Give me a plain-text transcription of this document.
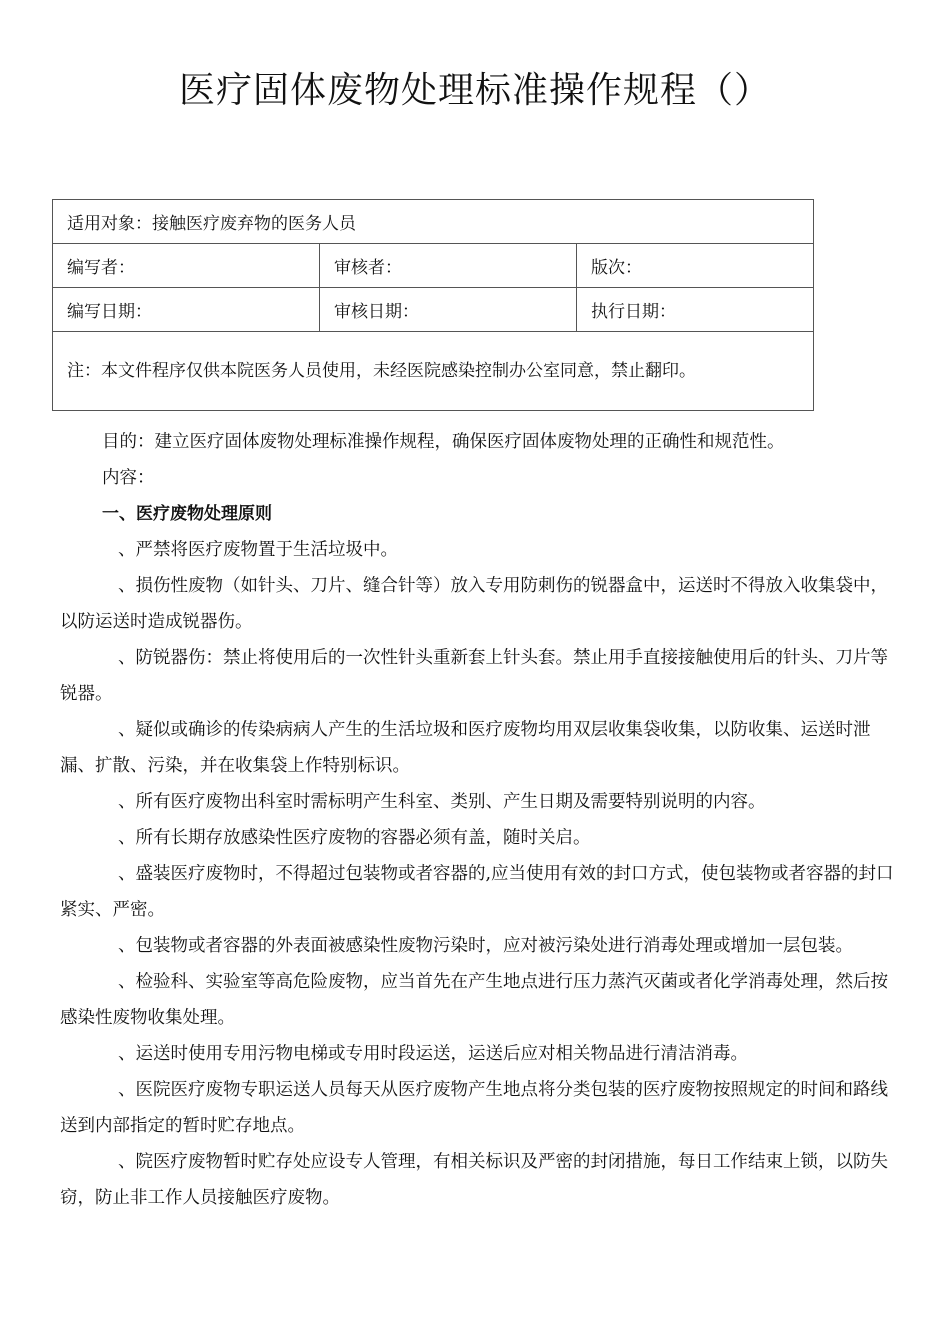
医疗固体废物处理标准操作规程（）
适用对象：接触医疗废弃物的医务人员		
编写者：	审核者：	版次：
编写日期：	审核日期：	执行日期：
注：本文件程序仅供本院医务人员使用，未经医院感染控制办公室同意，禁止翻印。		

目的：建立医疗固体废物处理标准操作规程，确保医疗固体废物处理的正确性和规范性。

内容：

一、医疗废物处理原则

、严禁将医疗废物置于生活垃圾中。

、损伤性废物（如针头、刀片、缝合针等）放入专用防刺伤的锐器盒中，运送时不得放入收集袋中，以防运送时造成锐器伤。

、防锐器伤：禁止将使用后的一次性针头重新套上针头套。禁止用手直接接触使用后的针头、刀片等锐器。

、疑似或确诊的传染病病人产生的生活垃圾和医疗废物均用双层收集袋收集，以防收集、运送时泄漏、扩散、污染，并在收集袋上作特别标识。

、所有医疗废物出科室时需标明产生科室、类别、产生日期及需要特别说明的内容。

、所有长期存放感染性医疗废物的容器必须有盖，随时关启。

、盛装医疗废物时，不得超过包装物或者容器的,应当使用有效的封口方式，使包装物或者容器的封口紧实、严密。

、包装物或者容器的外表面被感染性废物污染时，应对被污染处进行消毒处理或增加一层包装。

、检验科、实验室等高危险废物，应当首先在产生地点进行压力蒸汽灭菌或者化学消毒处理，然后按感染性废物收集处理。

、运送时使用专用污物电梯或专用时段运送，运送后应对相关物品进行清洁消毒。

、医院医疗废物专职运送人员每天从医疗废物产生地点将分类包装的医疗废物按照规定的时间和路线送到内部指定的暂时贮存地点。

、院医疗废物暂时贮存处应设专人管理，有相关标识及严密的封闭措施，每日工作结束上锁，以防失窃，防止非工作人员接触医疗废物。
